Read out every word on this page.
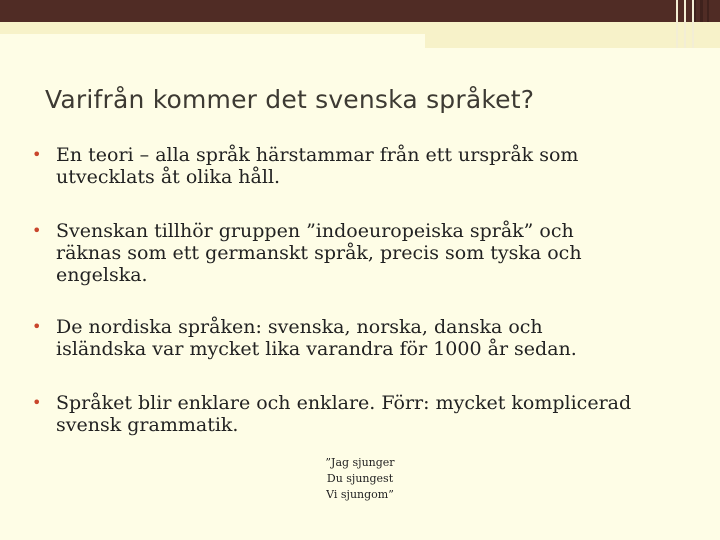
Varifrån kommer det svenska språket?
• En teori – alla språk härstammar från ett urspråk som
utvecklats åt olika håll.
• Svenskan tillhör gruppen ”indoeuropeiska språk” och
räknas som ett germanskt språk, precis som tyska och
engelska.
• De nordiska språken: svenska, norska, danska och
isländska var mycket lika varandra för 1000 år sedan.
• Språket blir enklare och enklare. Förr: mycket komplicerad
svensk grammatik.
”Jag sjunger
Du sjungest
Vi sjungom”
